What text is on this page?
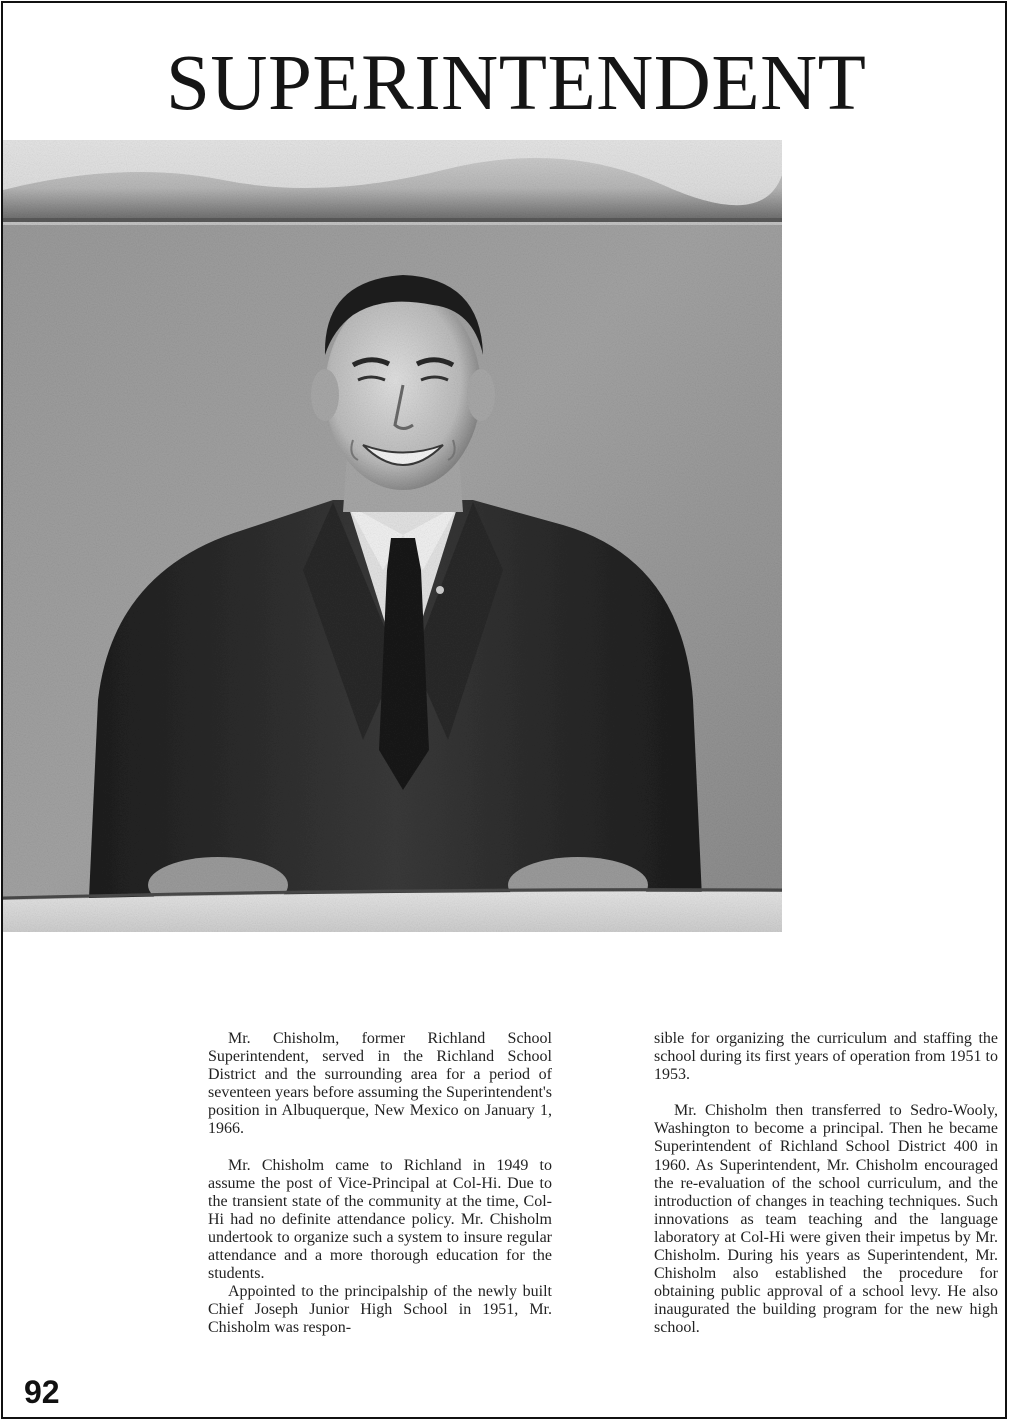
SUPERINTENDENT

Mr. Chisholm, former Richland School Superintendent, served in the Richland School District and the surrounding area for a period of seventeen years before assuming the Superintendent's position in Albuquerque, New Mexico on January 1, 1966.

Mr. Chisholm came to Richland in 1949 to assume the post of Vice-Principal at Col-Hi. Due to the transient state of the community at the time, Col-Hi had no definite attendance policy. Mr. Chisholm undertook to organize such a system to insure regular attendance and a more thorough education for the students.

Appointed to the principalship of the newly built Chief Joseph Junior High School in 1951, Mr. Chisholm was respon-

sible for organizing the curriculum and staffing the school during its first years of operation from 1951 to 1953.

Mr. Chisholm then transferred to Sedro-Wooly, Washington to become a principal. Then he became Superintendent of Richland School District 400 in 1960. As Superintendent, Mr. Chisholm encouraged the re-evaluation of the school curriculum, and the introduction of changes in teaching techniques. Such innovations as team teaching and the language laboratory at Col-Hi were given their impetus by Mr. Chisholm. During his years as Superintendent, Mr. Chisholm also established the procedure for obtaining public approval of a school levy. He also inaugurated the building program for the new high school.

92
